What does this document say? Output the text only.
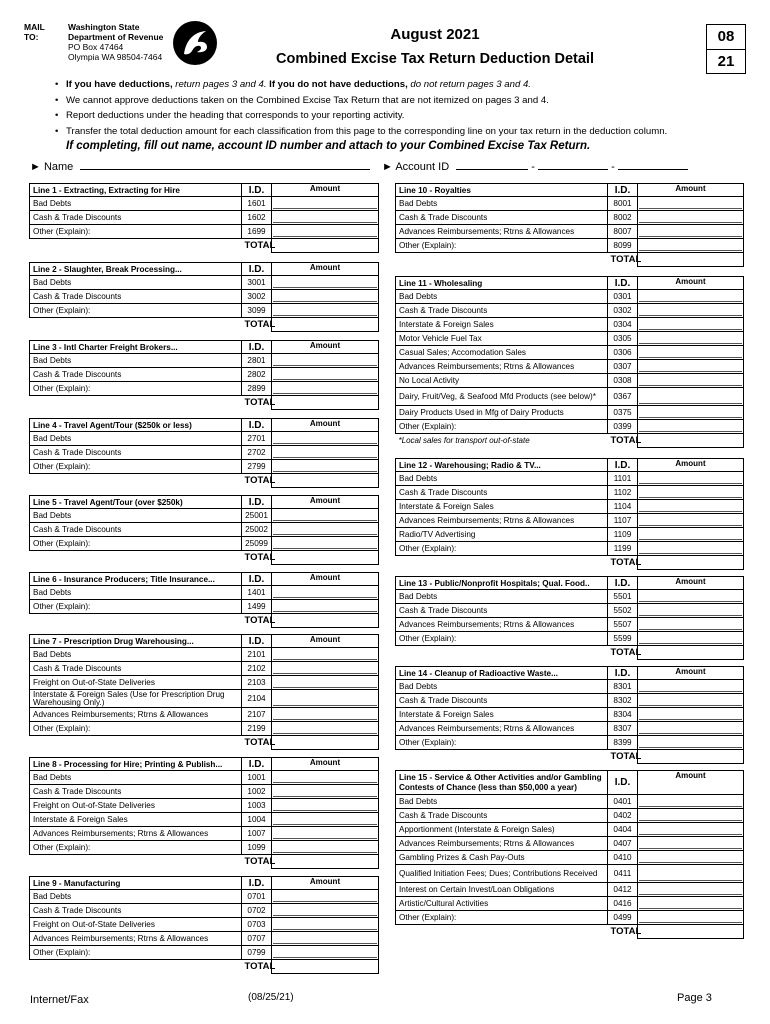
MAIL TO:
Washington State
Department of Revenue
PO Box 47464
Olympia WA 98504-7464
August 2021
Combined Excise Tax Return Deduction Detail
08
21
• If you have deductions, return pages 3 and 4. If you do not have deductions, do not return pages 3 and 4.
• We cannot approve deductions taken on the Combined Excise Tax Return that are not itemized on pages 3 and 4.
• Report deductions under the heading that corresponds to your reporting activity.
• Transfer the total deduction amount for each classification from this page to the corresponding line on your tax return in the deduction column.
If completing, fill out name, account ID number and attach to your Combined Excise Tax Return.
► Name	► Account ID	-	-
Line 1 - Extracting, Extracting for Hire	I.D.	Amount
Bad Debts	1601	

Cash & Trade Discounts	1602	

Other (Explain):	1699	

	TOTAL	
Line 2 - Slaughter, Break Processing...	I.D.	Amount
Bad Debts	3001	

Cash & Trade Discounts	3002	

Other (Explain):	3099	

	TOTAL	
Line 3 - Intl Charter Freight Brokers...	I.D.	Amount
Bad Debts	2801	

Cash & Trade Discounts	2802	

Other (Explain):	2899	

	TOTAL	
Line 4 - Travel Agent/Tour ($250k or less)	I.D.	Amount
Bad Debts	2701	

Cash & Trade Discounts	2702	

Other (Explain):	2799	

	TOTAL	
Line 5 - Travel Agent/Tour (over $250k)	I.D.	Amount
Bad Debts	25001	

Cash & Trade Discounts	25002	

Other (Explain):	25099	

	TOTAL	
Line 6 - Insurance Producers; Title Insurance...	I.D.	Amount
Bad Debts	1401	

Other (Explain):	1499	

	TOTAL	
Line 7 - Prescription Drug Warehousing...	I.D.	Amount
Bad Debts	2101	

Cash & Trade Discounts	2102	

Freight on Out-of-State Deliveries	2103	

Interstate & Foreign Sales (Use for Prescription Drug Warehousing Only.)	2104	

Advances Reimbursements; Rtrns & Allowances	2107	

Other (Explain):	2199	

	TOTAL	
Line 8 - Processing for Hire; Printing & Publish...	I.D.	Amount
Bad Debts	1001	

Cash & Trade Discounts	1002	

Freight on Out-of-State Deliveries	1003	

Interstate & Foreign Sales	1004	

Advances Reimbursements; Rtrns & Allowances	1007	

Other (Explain):	1099	

	TOTAL	
Line 9 - Manufacturing	I.D.	Amount
Bad Debts	0701	

Cash & Trade Discounts	0702	

Freight on Out-of-State Deliveries	0703	

Advances Reimbursements; Rtrns & Allowances	0707	

Other (Explain):	0799	

	TOTAL	
Line 10 - Royalties	I.D.	Amount
Bad Debts	8001	

Cash & Trade Discounts	8002	

Advances Reimbursements; Rtrns & Allowances	8007	

Other (Explain):	8099	

	TOTAL	
Line 11 - Wholesaling	I.D.	Amount
Bad Debts	0301	

Cash & Trade Discounts	0302	

Interstate & Foreign Sales	0304	

Motor Vehicle Fuel Tax	0305	

Casual Sales; Accomodation Sales	0306	

Advances Reimbursements; Rtrns & Allowances	0307	

No Local Activity	0308	

Dairy, Fruit/Veg, & Seafood Mfd Products (see below)*	0367	

Dairy Products Used in Mfg of Dairy Products	0375	

Other (Explain):	0399	

*Local sales for transport out-of-state	TOTAL	
Line 12 - Warehousing; Radio & TV...	I.D.	Amount
Bad Debts	1101	

Cash & Trade Discounts	1102	

Interstate & Foreign Sales	1104	

Advances Reimbursements; Rtrns & Allowances	1107	

Radio/TV Advertising	1109	

Other (Explain):	1199	

	TOTAL	
Line 13 - Public/Nonprofit Hospitals; Qual. Food..	I.D.	Amount
Bad Debts	5501	

Cash & Trade Discounts	5502	

Advances Reimbursements; Rtrns & Allowances	5507	

Other (Explain):	5599	

	TOTAL	
Line 14 - Cleanup of Radioactive Waste...	I.D.	Amount
Bad Debts	8301	

Cash & Trade Discounts	8302	

Interstate & Foreign Sales	8304	

Advances Reimbursements; Rtrns & Allowances	8307	

Other (Explain):	8399	

	TOTAL	
Line 15 - Service & Other Activities and/or Gambling Contests of Chance (less than $50,000 a year)	I.D.	Amount
Bad Debts	0401	

Cash & Trade Discounts	0402	

Apportionment (Interstate & Foreign Sales)	0404	

Advances Reimbursements; Rtrns & Allowances	0407	

Gambling Prizes & Cash Pay-Outs	0410	

Qualified Initiation Fees; Dues; Contributions Received	0411	

Interest on Certain Invest/Loan Obligations	0412	

Artistic/Cultural Activities	0416	

Other (Explain):	0499	

	TOTAL	
Internet/Fax	(08/25/21)	Page 3
